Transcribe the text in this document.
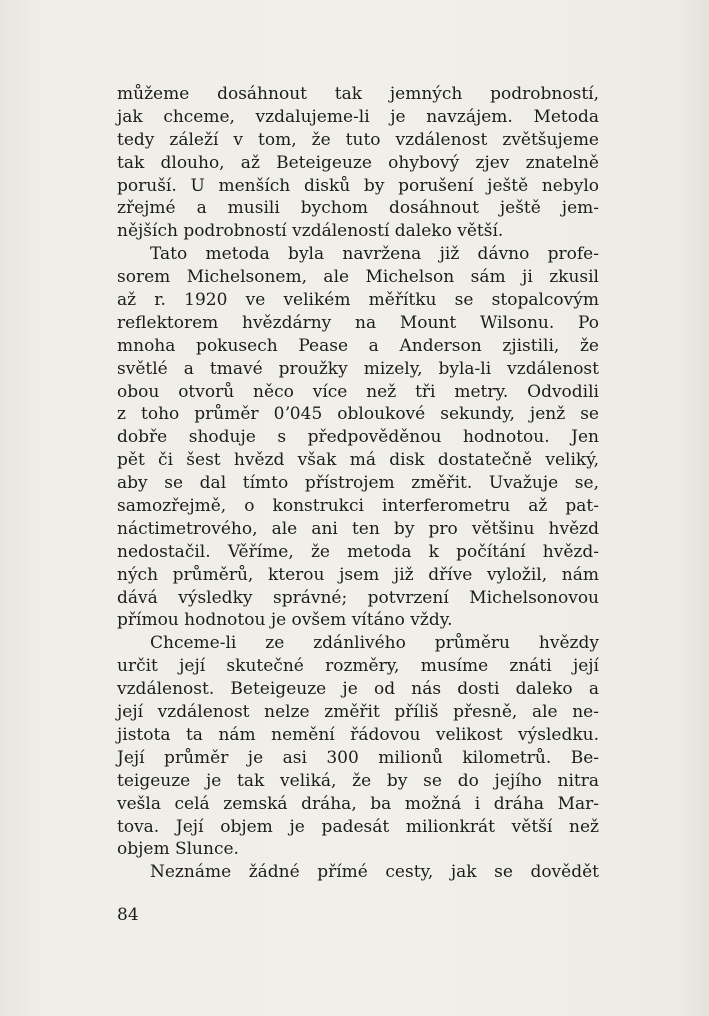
můžeme dosáhnout tak jemných podrobností,
jak chceme, vzdalujeme-li je navzájem. Metoda
tedy záleží v tom, že tuto vzdálenost zvětšujeme
tak dlouho, až Beteigeuze ohybový zjev znatelně
poruší. U menších disků by porušení ještě nebylo
zřejmé a musili bychom dosáhnout ještě jem-
nějších podrobností vzdáleností daleko větší.
Tato metoda byla navržena již dávno profe-
sorem Michelsonem, ale Michelson sám ji zkusil
až r. 1920 ve velikém měřítku se stopalcovým
reflektorem hvězdárny na Mount Wilsonu. Po
mnoha pokusech Pease a Anderson zjistili, že
světlé a tmavé proužky mizely, byla-li vzdálenost
obou otvorů něco více než tři metry. Odvodili
z toho průměr 0ʼ045 obloukové sekundy, jenž se
dobře shoduje s předpověděnou hodnotou. Jen
pět či šest hvězd však má disk dostatečně veliký,
aby se dal tímto přístrojem změřit. Uvažuje se,
samozřejmě, o konstrukci interferometru až pat-
náctimetrového, ale ani ten by pro většinu hvězd
nedostačil. Věříme, že metoda k počítání hvězd-
ných průměrů, kterou jsem již dříve vyložil, nám
dává výsledky správné; potvrzení Michelsonovou
přímou hodnotou je ovšem vítáno vždy.
Chceme-li ze zdánlivého průměru hvězdy
určit její skutečné rozměry, musíme znáti její
vzdálenost. Beteigeuze je od nás dosti daleko a
její vzdálenost nelze změřit příliš přesně, ale ne-
jistota ta nám nemění řádovou velikost výsledku.
Její průměr je asi 300 milionů kilometrů. Be-
teigeuze je tak veliká, že by se do jejího nitra
vešla celá zemská dráha, ba možná i dráha Mar-
tova. Její objem je padesát milionkrát větší než
objem Slunce.
Neznáme žádné přímé cesty, jak se dovědět
84
